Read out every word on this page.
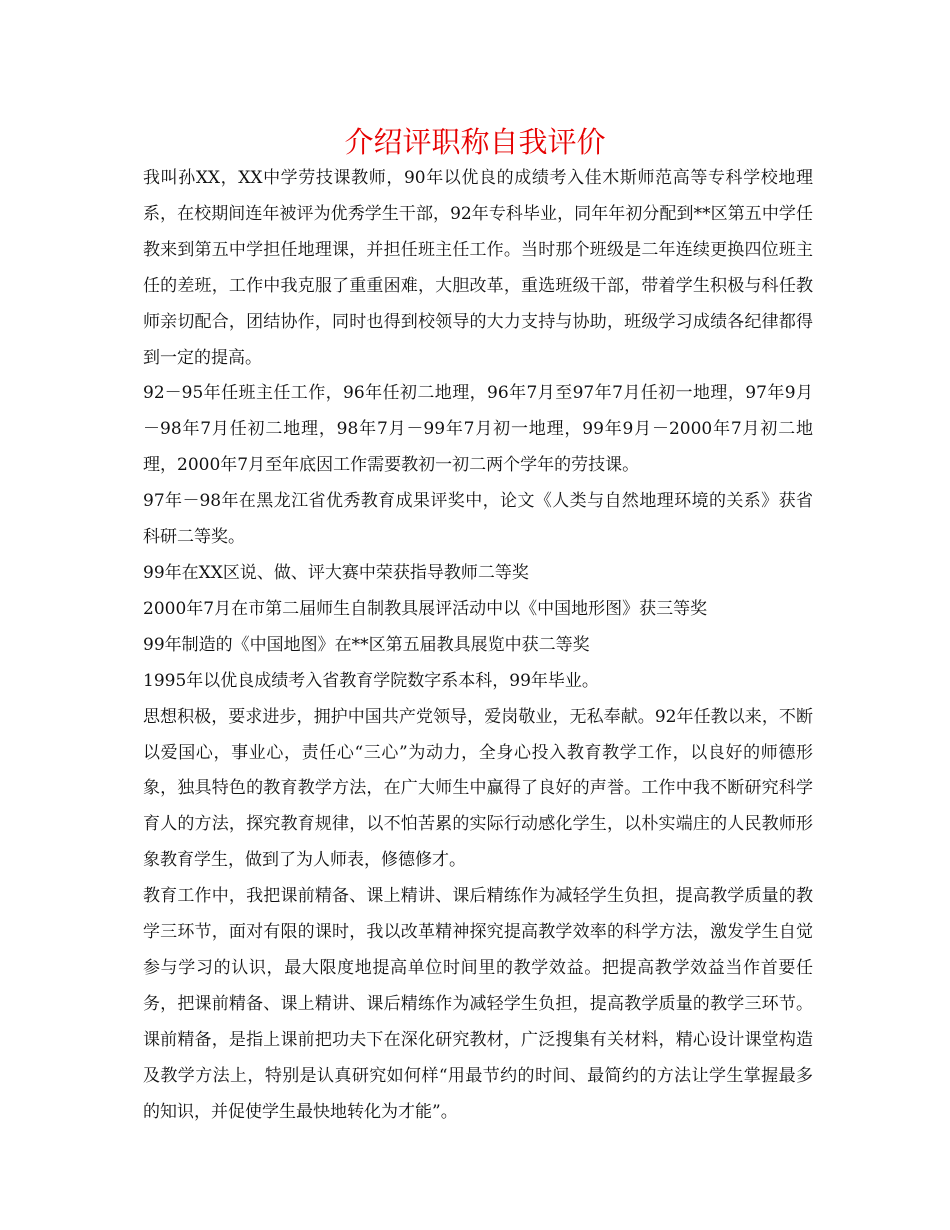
介绍评职称自我评价

我叫孙XX，XX中学劳技课教师，90年以优良的成绩考入佳木斯师范高等专科学校地理系，在校期间连年被评为优秀学生干部，92年专科毕业，同年年初分配到**区第五中学任教来到第五中学担任地理课，并担任班主任工作。当时那个班级是二年连续更换四位班主任的差班，工作中我克服了重重困难，大胆改革，重选班级干部，带着学生积极与科任教师亲切配合，团结协作，同时也得到校领导的大力支持与协助，班级学习成绩各纪律都得到一定的提高。

92－95年任班主任工作，96年任初二地理，96年7月至97年7月任初一地理，97年9月－98年7月任初二地理，98年7月－99年7月初一地理，99年9月－2000年7月初二地理，2000年7月至年底因工作需要教初一初二两个学年的劳技课。

97年－98年在黑龙江省优秀教育成果评奖中，论文《人类与自然地理环境的关系》获省科研二等奖。

99年在XX区说、做、评大赛中荣获指导教师二等奖

2000年7月在市第二届师生自制教具展评活动中以《中国地形图》获三等奖

99年制造的《中国地图》在**区第五届教具展览中获二等奖

1995年以优良成绩考入省教育学院数字系本科，99年毕业。

思想积极，要求进步，拥护中国共产党领导，爱岗敬业，无私奉献。92年任教以来，不断以爱国心，事业心，责任心“三心”为动力，全身心投入教育教学工作，以良好的师德形象，独具特色的教育教学方法，在广大师生中赢得了良好的声誉。工作中我不断研究科学育人的方法，探究教育规律，以不怕苦累的实际行动感化学生，以朴实端庄的人民教师形象教育学生，做到了为人师表，修德修才。

教育工作中，我把课前精备、课上精讲、课后精练作为减轻学生负担，提高教学质量的教学三环节，面对有限的课时，我以改革精神探究提高教学效率的科学方法，激发学生自觉参与学习的认识，最大限度地提高单位时间里的教学效益。把提高教学效益当作首要任务，把课前精备、课上精讲、课后精练作为减轻学生负担，提高教学质量的教学三环节。课前精备，是指上课前把功夫下在深化研究教材，广泛搜集有关材料，精心设计课堂构造及教学方法上，特别是认真研究如何样“用最节约的时间、最简约的方法让学生掌握最多的知识，并促使学生最快地转化为才能”。
